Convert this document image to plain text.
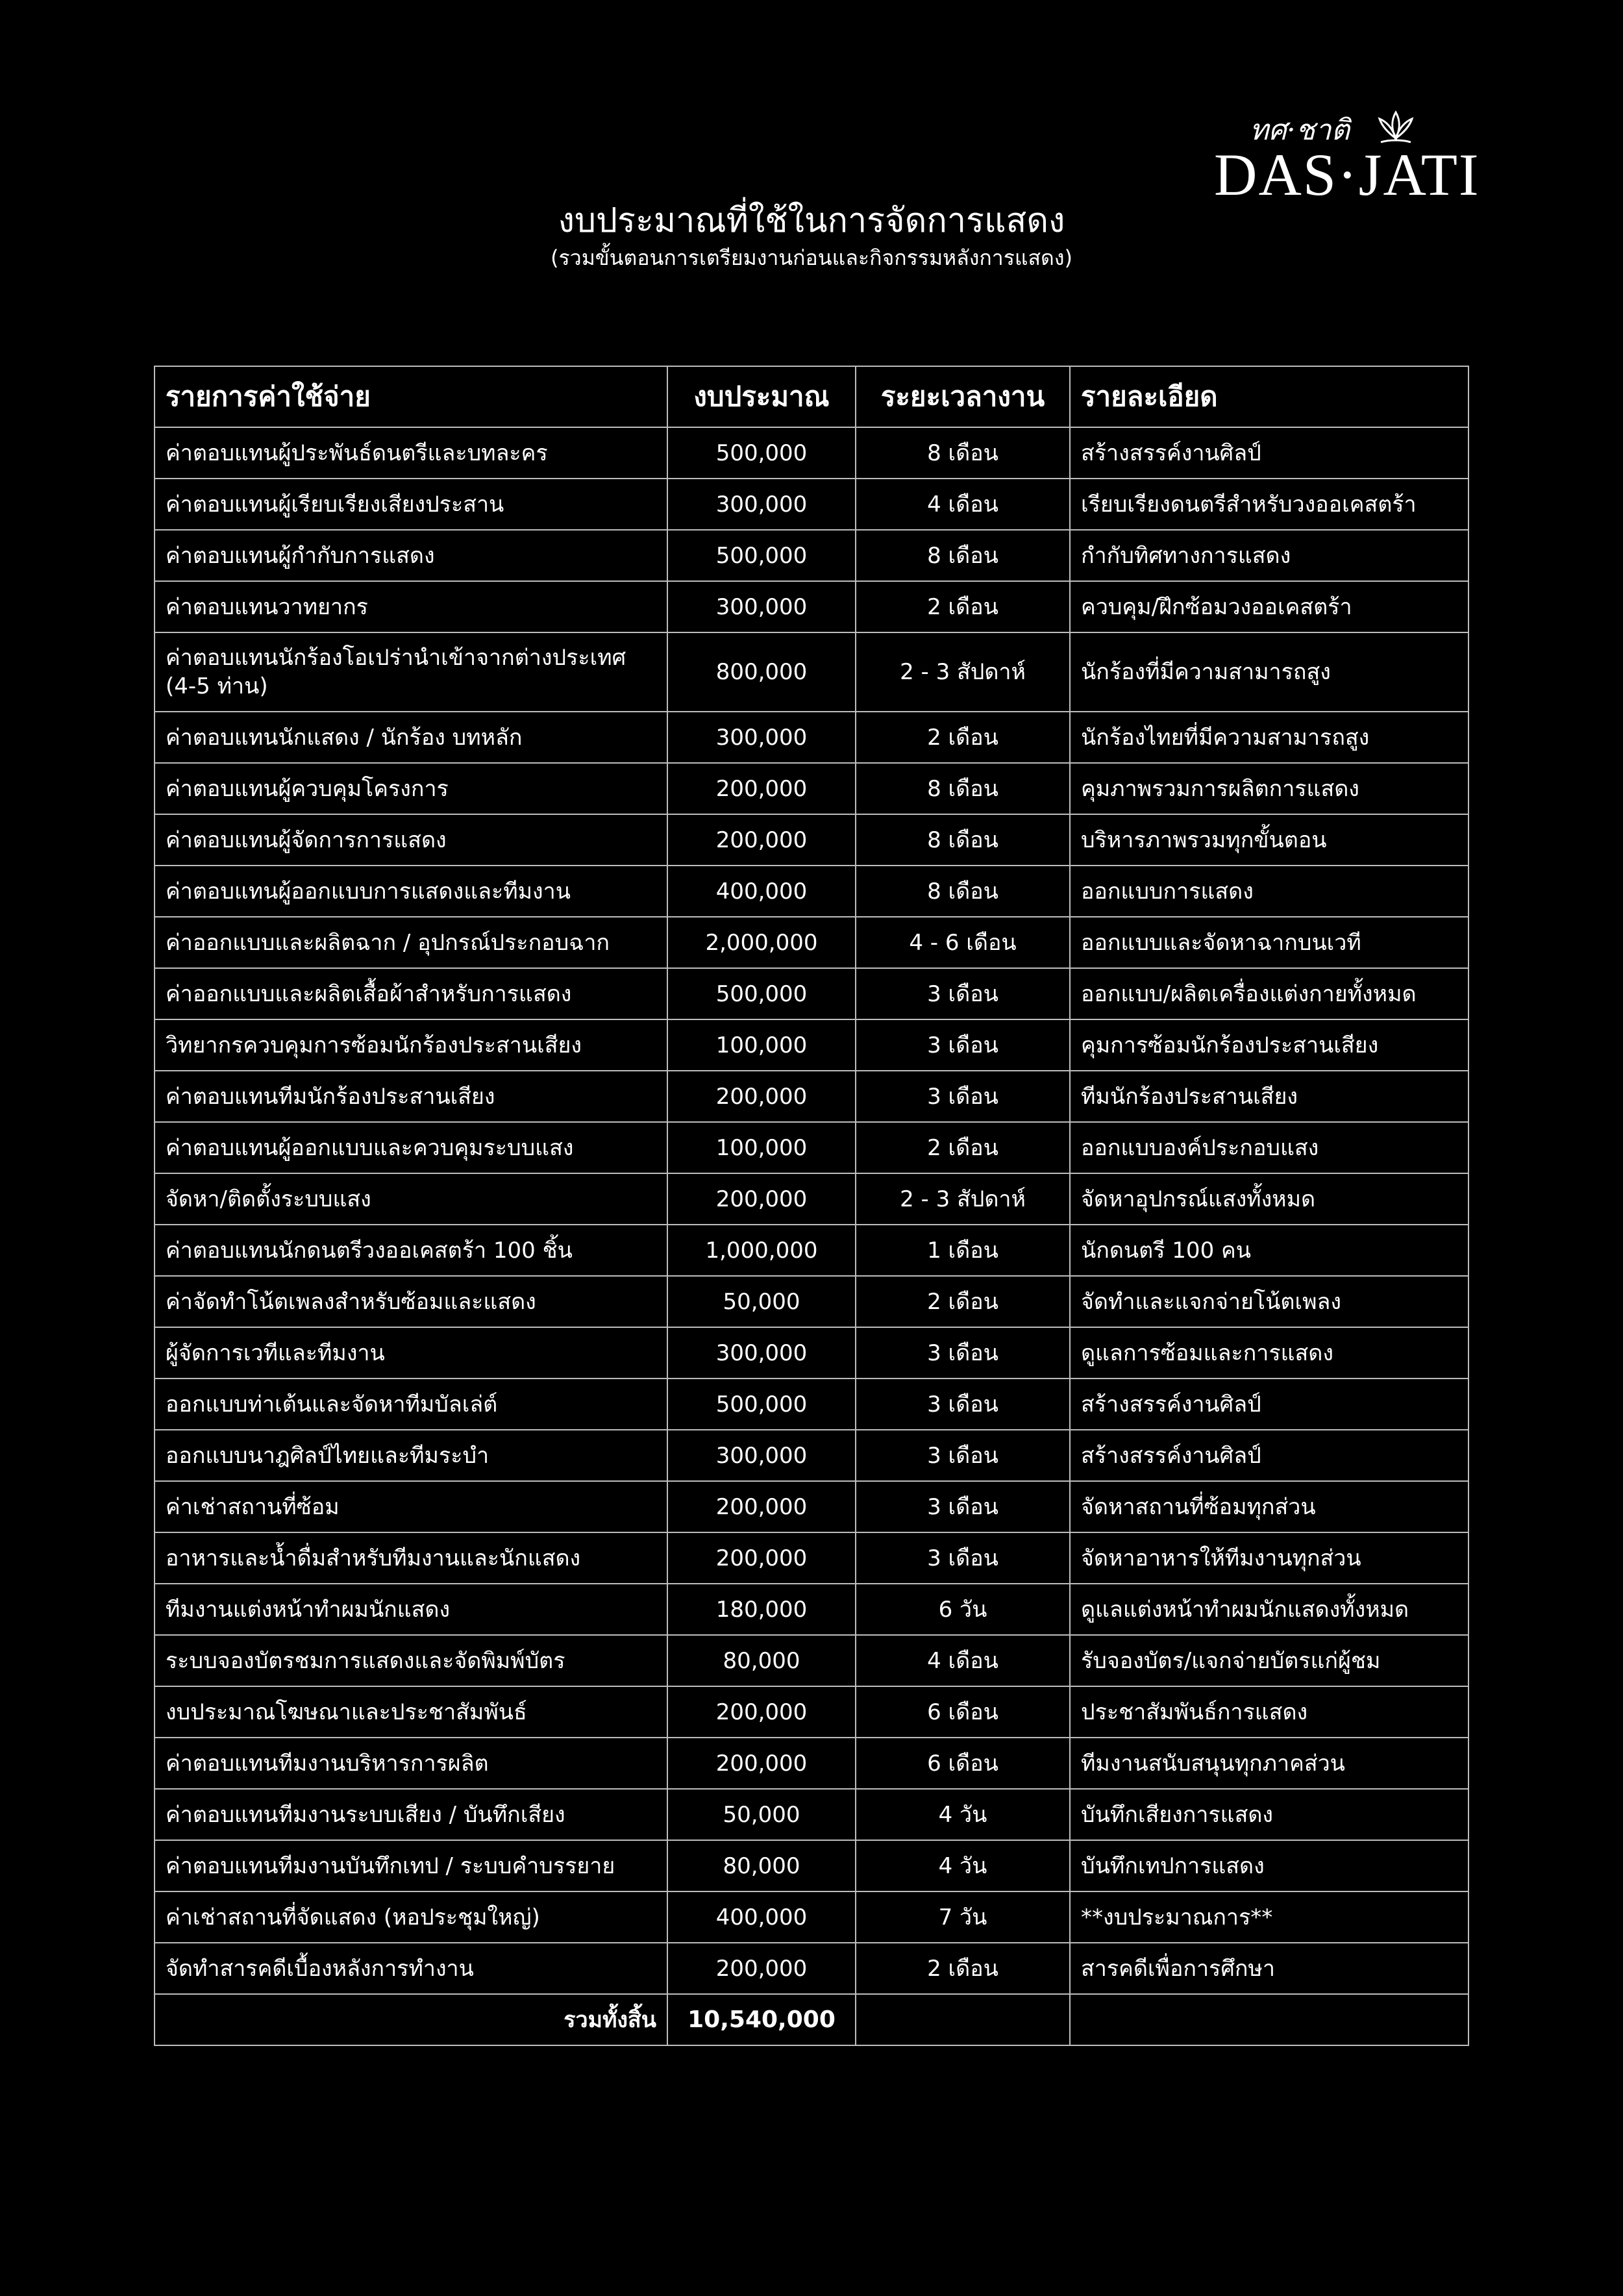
ทศ·ชาติ
DAS·JATI
งบประมาณที่ใช้ในการจัดการแสดง
(รวมขั้นตอนการเตรียมงานก่อนและกิจกรรมหลังการแสดง)
รายการค่าใช้จ่าย	งบประมาณ	ระยะเวลางาน	รายละเอียด
ค่าตอบแทนผู้ประพันธ์ดนตรีและบทละคร	500,000	8 เดือน	สร้างสรรค์งานศิลป์
ค่าตอบแทนผู้เรียบเรียงเสียงประสาน	300,000	4 เดือน	เรียบเรียงดนตรีสำหรับวงออเคสตร้า
ค่าตอบแทนผู้กำกับการแสดง	500,000	8 เดือน	กำกับทิศทางการแสดง
ค่าตอบแทนวาทยากร	300,000	2 เดือน	ควบคุม/ฝึกซ้อมวงออเคสตร้า
ค่าตอบแทนนักร้องโอเปร่านำเข้าจากต่างประเทศ (4-5 ท่าน)	800,000	2 - 3 สัปดาห์	นักร้องที่มีความสามารถสูง
ค่าตอบแทนนักแสดง / นักร้อง บทหลัก	300,000	2 เดือน	นักร้องไทยที่มีความสามารถสูง
ค่าตอบแทนผู้ควบคุมโครงการ	200,000	8 เดือน	คุมภาพรวมการผลิตการแสดง
ค่าตอบแทนผู้จัดการการแสดง	200,000	8 เดือน	บริหารภาพรวมทุกขั้นตอน
ค่าตอบแทนผู้ออกแบบการแสดงและทีมงาน	400,000	8 เดือน	ออกแบบการแสดง
ค่าออกแบบและผลิตฉาก / อุปกรณ์ประกอบฉาก	2,000,000	4 - 6 เดือน	ออกแบบและจัดหาฉากบนเวที
ค่าออกแบบและผลิตเสื้อผ้าสำหรับการแสดง	500,000	3 เดือน	ออกแบบ/ผลิตเครื่องแต่งกายทั้งหมด
วิทยากรควบคุมการซ้อมนักร้องประสานเสียง	100,000	3 เดือน	คุมการซ้อมนักร้องประสานเสียง
ค่าตอบแทนทีมนักร้องประสานเสียง	200,000	3 เดือน	ทีมนักร้องประสานเสียง
ค่าตอบแทนผู้ออกแบบและควบคุมระบบแสง	100,000	2 เดือน	ออกแบบองค์ประกอบแสง
จัดหา/ติดตั้งระบบแสง	200,000	2 - 3 สัปดาห์	จัดหาอุปกรณ์แสงทั้งหมด
ค่าตอบแทนนักดนตรีวงออเคสตร้า 100 ชิ้น	1,000,000	1 เดือน	นักดนตรี 100 คน
ค่าจัดทำโน้ตเพลงสำหรับซ้อมและแสดง	50,000	2 เดือน	จัดทำและแจกจ่ายโน้ตเพลง
ผู้จัดการเวทีและทีมงาน	300,000	3 เดือน	ดูแลการซ้อมและการแสดง
ออกแบบท่าเต้นและจัดหาทีมบัลเล่ต์	500,000	3 เดือน	สร้างสรรค์งานศิลป์
ออกแบบนาฎศิลป์ไทยและทีมระบำ	300,000	3 เดือน	สร้างสรรค์งานศิลป์
ค่าเช่าสถานที่ซ้อม	200,000	3 เดือน	จัดหาสถานที่ซ้อมทุกส่วน
อาหารและน้ำดื่มสำหรับทีมงานและนักแสดง	200,000	3 เดือน	จัดหาอาหารให้ทีมงานทุกส่วน
ทีมงานแต่งหน้าทำผมนักแสดง	180,000	6 วัน	ดูแลแต่งหน้าทำผมนักแสดงทั้งหมด
ระบบจองบัตรชมการแสดงและจัดพิมพ์บัตร	80,000	4 เดือน	รับจองบัตร/แจกจ่ายบัตรแก่ผู้ชม
งบประมาณโฆษณาและประชาสัมพันธ์	200,000	6 เดือน	ประชาสัมพันธ์การแสดง
ค่าตอบแทนทีมงานบริหารการผลิต	200,000	6 เดือน	ทีมงานสนับสนุนทุกภาคส่วน
ค่าตอบแทนทีมงานระบบเสียง / บันทึกเสียง	50,000	4 วัน	บันทึกเสียงการแสดง
ค่าตอบแทนทีมงานบันทึกเทป / ระบบคำบรรยาย	80,000	4 วัน	บันทึกเทปการแสดง
ค่าเช่าสถานที่จัดแสดง (หอประชุมใหญ่)	400,000	7 วัน	**งบประมาณการ**
จัดทำสารคดีเบื้องหลังการทำงาน	200,000	2 เดือน	สารคดีเพื่อการศึกษา
รวมทั้งสิ้น	10,540,000		
